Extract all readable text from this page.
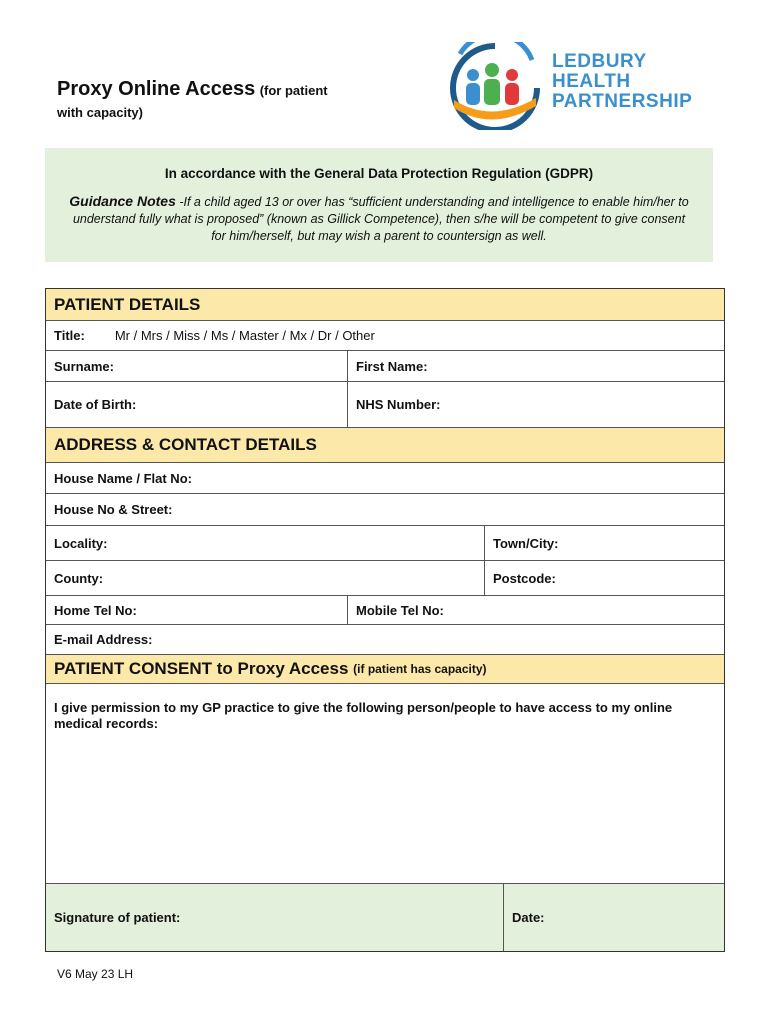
Proxy Online Access (for patient
with capacity)
LEDBURY
HEALTH
PARTNERSHIP
In accordance with the General Data Protection Regulation (GDPR)
Guidance Notes -If a child aged 13 or over has “sufficient understanding and intelligence to enable him/her to understand fully what is proposed” (known as Gillick Competence), then s/he will be competent to give consent for him/herself, but may wish a parent to countersign as well.
PATIENT DETAILS
Title: Mr / Mrs / Miss / Ms / Master / Mx / Dr / Other
Surname:	First Name:
Date of Birth:	NHS Number:
ADDRESS & CONTACT DETAILS
House Name / Flat No:
House No & Street:
Locality:	Town/City:
County:	Postcode:
Home Tel No:	Mobile Tel No:
E-mail Address:
PATIENT CONSENT to Proxy Access
(if patient has capacity)
I give permission to my GP practice to give the following person/people to have access to my online medical records:
Signature of patient:	Date:
V6 May 23 LH
